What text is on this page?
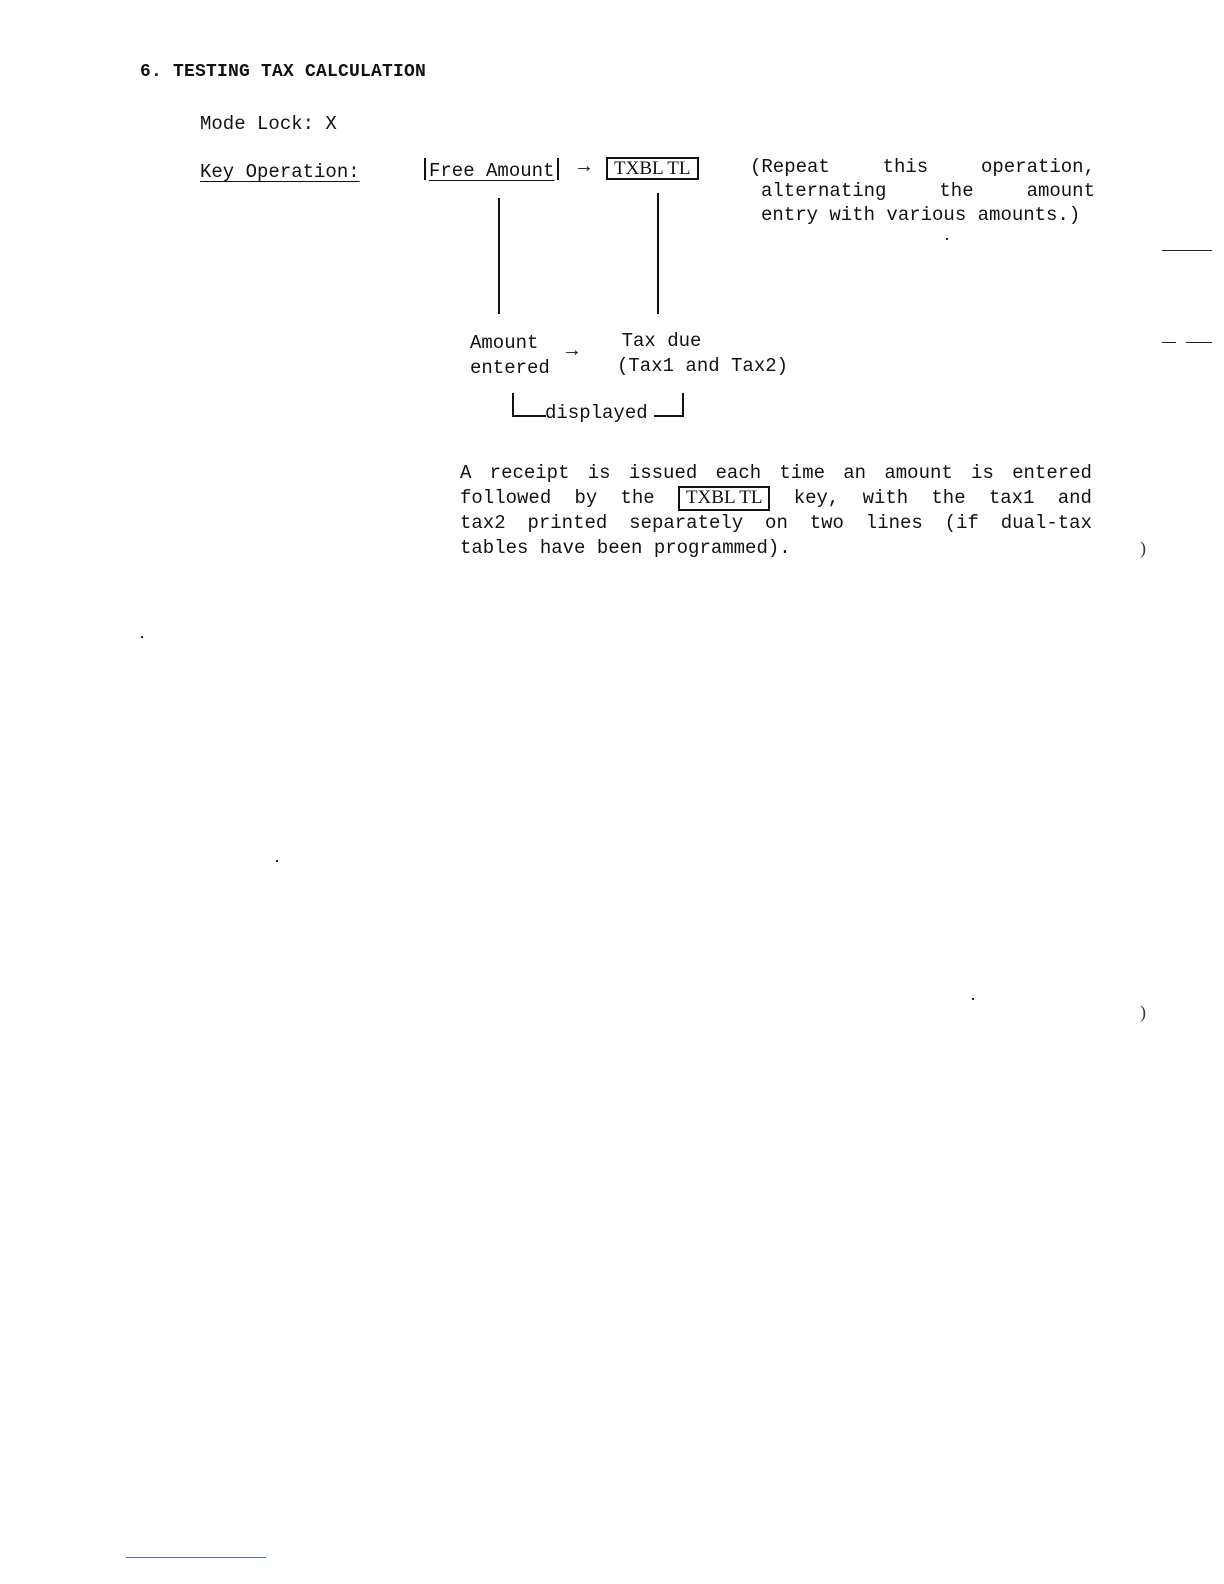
6. TESTING TAX CALCULATION
Mode Lock: X
Key Operation:	Free Amount →	TXBL TL	(Repeat	this	operation,
alternating	the	amount
entry with various amounts.)
Amount
entered
→ Tax due
(Tax1 and Tax2)
displayed
A receipt is issued each time an amount is entered
followed by the	TXBL TL	key, with the tax1 and
tax2 printed separately on two lines (if dual-tax
tables have been programmed).	)
)
